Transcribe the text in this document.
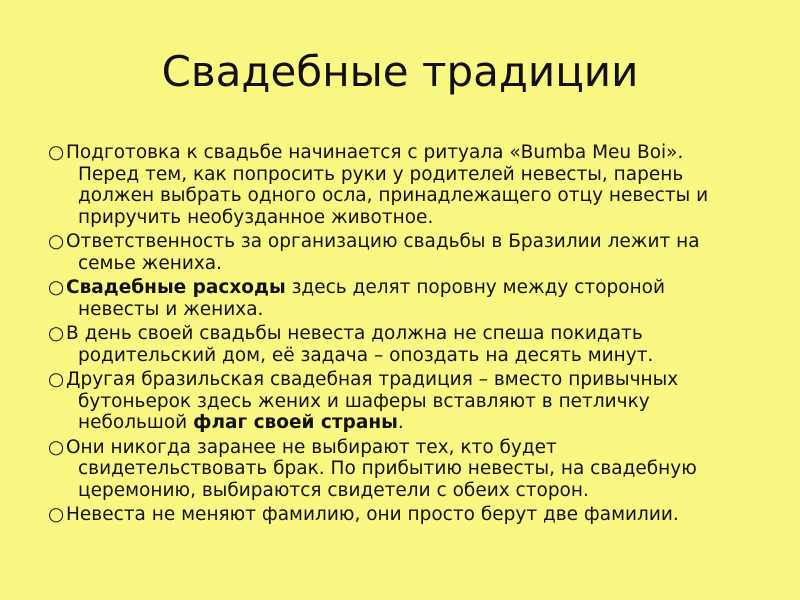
Свадебные традиции
○Подготовка к свадьбе начинается с ритуала «Bumba Meu Boi». Перед тем, как попросить руки у родителей невесты, парень должен выбрать одного осла, принадлежащего отцу невесты и приручить необузданное животное.
○Ответственность за организацию свадьбы в Бразилии лежит на семье жениха.
○Свадебные расходы здесь делят поровну между стороной невесты и жениха.
○В день своей свадьбы невеста должна не спеша покидать родительский дом, её задача – опоздать на десять минут.
○Другая бразильская свадебная традиция – вместо привычных бутоньерок здесь жених и шаферы вставляют в петличку небольшой флаг своей страны.
○Они никогда заранее не выбирают тех, кто будет свидетельствовать брак. По прибытию невесты, на свадебную церемонию, выбираются свидетели с обеих сторон.
○Невеста не меняют фамилию, они просто берут две фамилии.
